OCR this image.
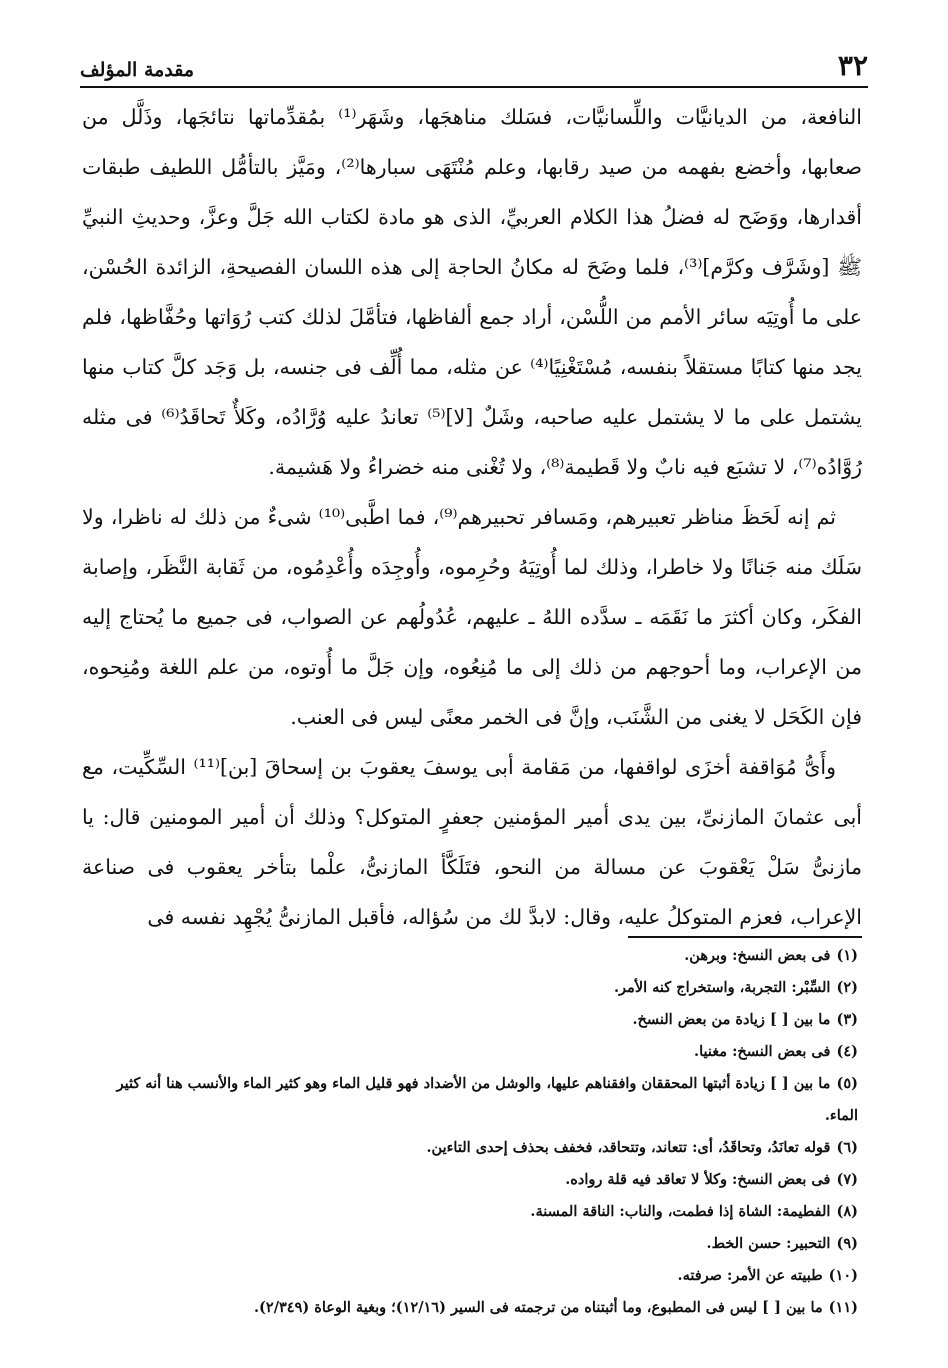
٣٢
مقدمة المؤلف

النافعة، من الديانيَّات واللِّسانيَّات، فسَلك مناهجَها، وشَهَر⁽¹⁾ بمُقدِّماتها نتائجَها، وذَلَّل من صعابها، وأخضع بفهمه من صيد رقابها، وعلم مُنْتَهَى سبارها⁽²⁾، ومَيَّز بالتأمُّل اللطيف طبقات أقدارها، ووَضَح له فضلُ هذا الكلام العربيِّ، الذى هو مادة لكتاب الله جَلَّ وعزَّ، وحديثِ النبيِّ ﷺ [وشَرَّف وكرَّم]⁽³⁾، فلما وضَحَ له مكانُ الحاجة إلى هذه اللسان الفصيحةِ، الزائدة الحُسْن، على ما أُوتِيَه سائر الأمم من اللُّسْن، أراد جمع ألفاظها، فتأمَّلَ لذلك كتب رُوَاتها وحُفَّاظها، فلم يجد منها كتابًا مستقلاً بنفسه، مُسْتَغْنِيًا⁽⁴⁾ عن مثله، مما أُلِّف فى جنسه، بل وَجَد كلَّ كتاب منها يشتمل على ما لا يشتمل عليه صاحبه، وشَلٌ [لا]⁽⁵⁾ تعاندُ عليه وُرَّادُه، وكَلأٌ تَحاقَدُ⁽⁶⁾ فى مثله رُوَّادُه⁽⁷⁾، لا تشبَع فيه نابٌ ولا قَطيمة⁽⁸⁾، ولا تُغْنى منه خضراءُ ولا هَشيمة.

ثم إنه لَحَظَ مناظر تعبيرهم، ومَسافر تحبيرهم⁽⁹⁾، فما اطَّبى⁽¹⁰⁾ شىءٌ من ذلك له ناظرا، ولا سَلَك منه جَنانًا ولا خاطرا، وذلك لما أُوتِيَهُ وحُرِموه، وأُوجِدَه وأُعْدِمُوه، من ثَقابة النَّظَر، وإصابة الفكَر، وكان أكثرَ ما نَقَمَه ـ سدَّده اللهُ ـ عليهم، عُدُولُهم عن الصواب، فى جميع ما يُحتاج إليه من الإعراب، وما أحوجهم من ذلك إلى ما مُنِعُوه، وإن جَلَّ ما أُوتوه، من علم اللغة ومُنِحوه، فإن الكَحَل لا يغنى من الشَّنَب، وإنَّ فى الخمر معنًى ليس فى العنب.

وأَىُّ مُوَاقفة أخزَى لواقفها، من مَقامة أبى يوسفَ يعقوبَ بن إسحاقَ [بن]⁽¹¹⁾ السِّكِّيت، مع أبى عثمانَ المازنىِّ، بين يدى أمير المؤمنين جعفرٍ المتوكل؟ وذلك أن أمير المومنين قال: يا مازنىُّ سَلْ يَعْقوبَ عن مسالة من النحو، فتَلَكَّأ المازنىُّ، علْما بتأخر يعقوب فى صناعة الإعراب، فعزم المتوكلُ عليه، وقال: لابدَّ لك من سُؤاله، فأقبل المازنىُّ يُجْهِد نفسه فى

(١)فى بعض النسخ: وبرهن.
(٢)السِّبْر: التجربة، واستخراج كنه الأمر.
(٣)ما بين [ ] زيادة من بعض النسخ.
(٤)فى بعض النسخ: مغنيا.
(٥)ما بين [ ] زيادة أثبتها المحققان وافقناهم عليها، والوشل من الأضداد فهو قليل الماء وهو كثير الماء والأنسب هنا أنه كثير الماء.
(٦)قوله تعانَدُ، وتحاقَدُ، أى: تتعاند، وتتحاقد، فخفف بحذف إحدى التاءين.
(٧)فى بعض النسخ: وكلأ لا تعاقد فيه قلة رواده.
(٨)الفطيمة: الشاة إذا فطمت، والناب: الناقة المسنة.
(٩)التحبير: حسن الخط.
(١٠)طبيته عن الأمر: صرفته.
(١١)ما بين [ ] ليس فى المطبوع، وما أثبتناه من ترجمته فى السير (١٢/١٦)؛ وبغية الوعاة (٢/٣٤٩).
